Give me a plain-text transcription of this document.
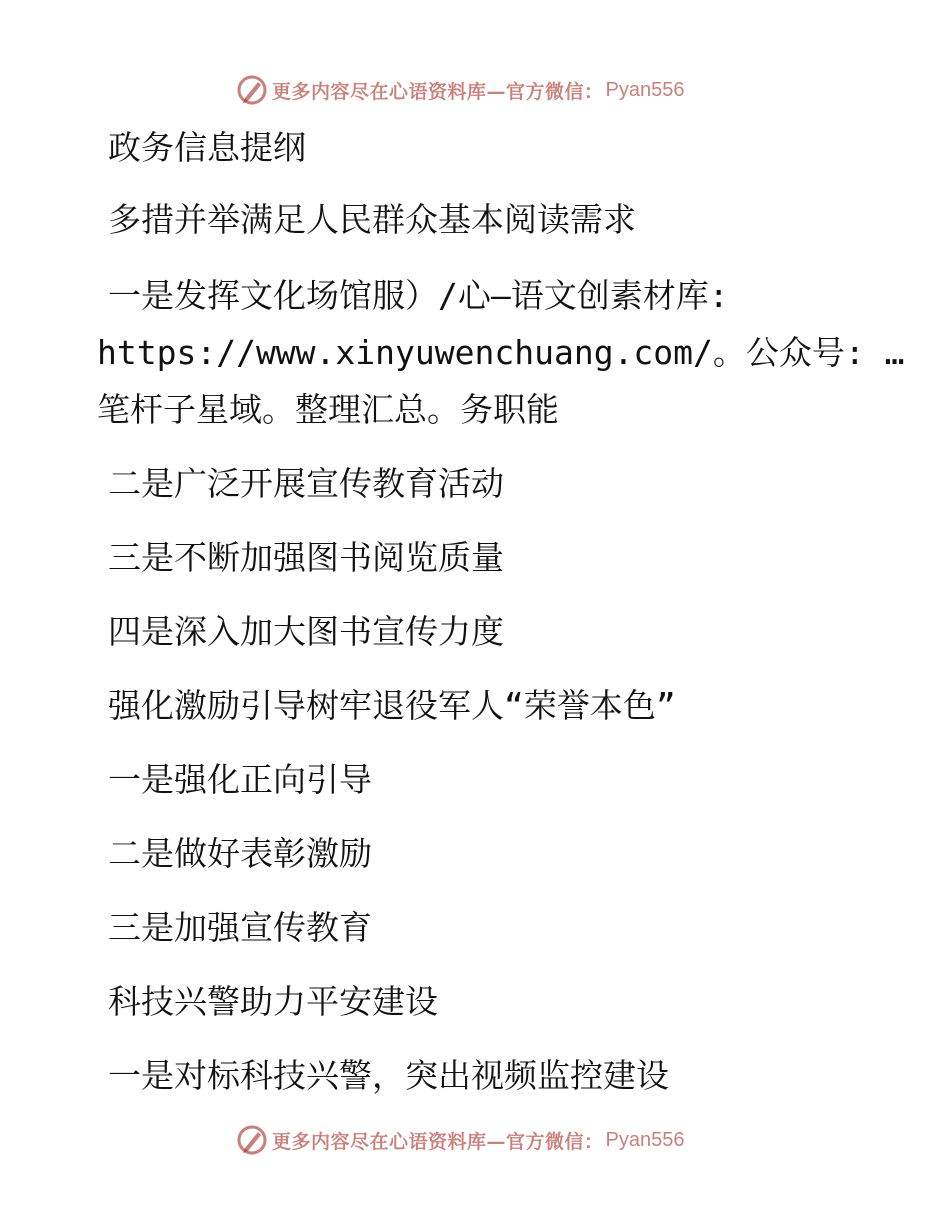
更多内容尽在心语资料库—官方微信： Pyan556
政务信息提纲
多措并举满足人民群众基本阅读需求
一是发挥文化场馆服）/心—语文创素材库:
https://www.xinyuwenchuang.com/。公众号: …
笔杆子星域。整理汇总。务职能
二是广泛开展宣传教育活动
三是不断加强图书阅览质量
四是深入加大图书宣传力度
强化激励引导树牢退役军人“荣誉本色”
一是强化正向引导
二是做好表彰激励
三是加强宣传教育
科技兴警助力平安建设
一是对标科技兴警，突出视频监控建设
更多内容尽在心语资料库—官方微信： Pyan556
